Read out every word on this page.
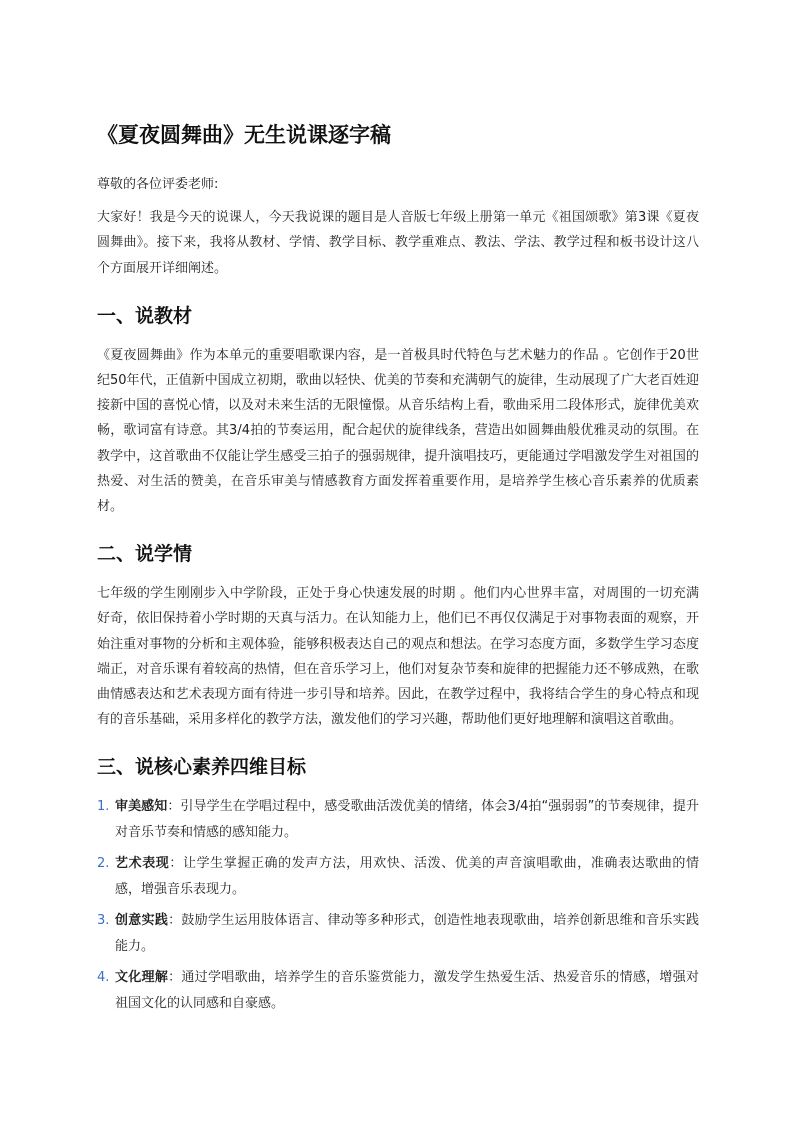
《夏夜圆舞曲》无生说课逐字稿

尊敬的各位评委老师:

大家好！我是今天的说课人，今天我说课的题目是人音版七年级上册第一单元《祖国颂歌》第3课《夏夜圆舞曲》。接下来，我将从教材、学情、教学目标、教学重难点、教法、学法、教学过程和板书设计这八个方面展开详细阐述。

一、说教材

《夏夜圆舞曲》作为本单元的重要唱歌课内容，是一首极具时代特色与艺术魅力的作品 。它创作于20世纪50年代，正值新中国成立初期，歌曲以轻快、优美的节奏和充满朝气的旋律，生动展现了广大老百姓迎接新中国的喜悦心情，以及对未来生活的无限憧憬。从音乐结构上看，歌曲采用二段体形式，旋律优美欢畅，歌词富有诗意。其3/4拍的节奏运用，配合起伏的旋律线条，营造出如圆舞曲般优雅灵动的氛围。在教学中，这首歌曲不仅能让学生感受三拍子的强弱规律，提升演唱技巧，更能通过学唱激发学生对祖国的热爱、对生活的赞美，在音乐审美与情感教育方面发挥着重要作用，是培养学生核心音乐素养的优质素材。

二、说学情

七年级的学生刚刚步入中学阶段，正处于身心快速发展的时期 。他们内心世界丰富，对周围的一切充满好奇，依旧保持着小学时期的天真与活力。在认知能力上，他们已不再仅仅满足于对事物表面的观察，开始注重对事物的分析和主观体验，能够积极表达自己的观点和想法。在学习态度方面，多数学生学习态度端正，对音乐课有着较高的热情，但在音乐学习上，他们对复杂节奏和旋律的把握能力还不够成熟，在歌曲情感表达和艺术表现方面有待进一步引导和培养。因此，在教学过程中，我将结合学生的身心特点和现有的音乐基础，采用多样化的教学方法，激发他们的学习兴趣，帮助他们更好地理解和演唱这首歌曲。

三、说核心素养四维目标
1. 审美感知：引导学生在学唱过程中，感受歌曲活泼优美的情绪，体会3/4拍“强弱弱”的节奏规律，提升对音乐节奏和情感的感知能力。
2. 艺术表现：让学生掌握正确的发声方法，用欢快、活泼、优美的声音演唱歌曲，准确表达歌曲的情感，增强音乐表现力。
3. 创意实践：鼓励学生运用肢体语言、律动等多种形式，创造性地表现歌曲，培养创新思维和音乐实践能力。
4. 文化理解：通过学唱歌曲，培养学生的音乐鉴赏能力，激发学生热爱生活、热爱音乐的情感，增强对祖国文化的认同感和自豪感。
